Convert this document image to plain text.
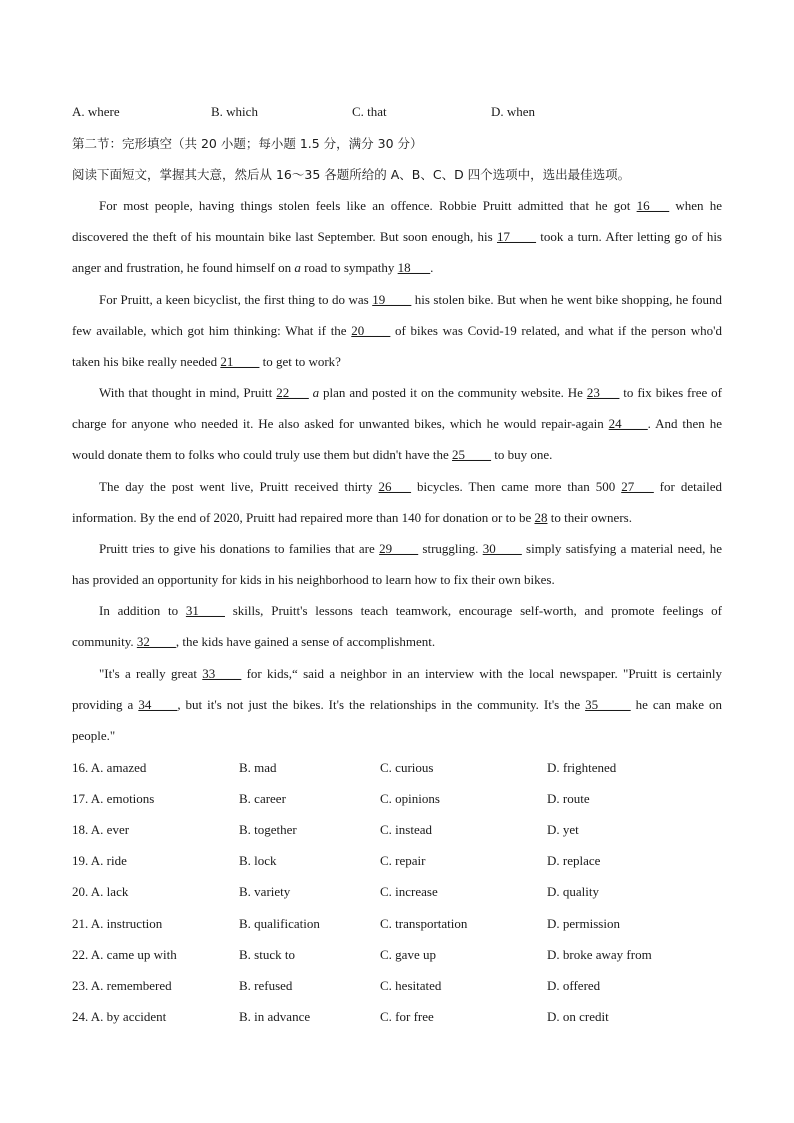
A. where	B. which	C. that	D. when
第二节：完形填空（共 20 小题；每小题 1.5 分，满分 30 分）
阅读下面短文，掌握其大意，然后从 16～35 各题所给的 A、B、C、D 四个选项中，选出最佳选项。

For most people, having things stolen feels like an offence. Robbie Pruitt admitted that he got 16___ when he discovered the theft of his mountain bike last September. But soon enough, his 17____ took a turn. After letting go of his anger and frustration, he found himself on a road to sympathy 18___.

For Pruitt, a keen bicyclist, the first thing to do was 19____ his stolen bike. But when he went bike shopping, he found few available, which got him thinking: What if the 20____ of bikes was Covid-19 related, and what if the person who'd taken his bike really needed 21____ to get to work?

With that thought in mind, Pruitt 22___ a plan and posted it on the community website. He 23___ to fix bikes free of charge for anyone who needed it. He also asked for unwanted bikes, which he would repair-again 24____. And then he would donate them to folks who could truly use them but didn't have the 25____ to buy one.

The day the post went live, Pruitt received thirty 26___ bicycles. Then came more than 500 27___ for detailed information. By the end of 2020, Pruitt had repaired more than 140 for donation or to be 28 to their owners.

Pruitt tries to give his donations to families that are 29____ struggling. 30____ simply satisfying a material need, he has provided an opportunity for kids in his neighborhood to learn how to fix their own bikes.

In addition to 31____ skills, Pruitt's lessons teach teamwork, encourage self-worth, and promote feelings of community. 32____, the kids have gained a sense of accomplishment.

"It's a really great 33____ for kids,“ said a neighbor in an interview with the local newspaper. "Pruitt is certainly providing a 34____, but it's not just the bikes. It's the relationships in the community. It's the 35_____ he can make on people."

16. A. amazed	B. mad	C. curious	D. frightened
17. A. emotions	B. career	C. opinions	D. route
18. A. ever	B. together	C. instead	D. yet
19. A. ride	B. lock	C. repair	D. replace
20. A. lack	B. variety	C. increase	D. quality
21. A. instruction	B. qualification	C. transportation	D. permission
22. A. came up with	B. stuck to	C. gave up	D. broke away from
23. A. remembered	B. refused	C. hesitated	D. offered
24. A. by accident	B. in advance	C. for free	D. on credit
